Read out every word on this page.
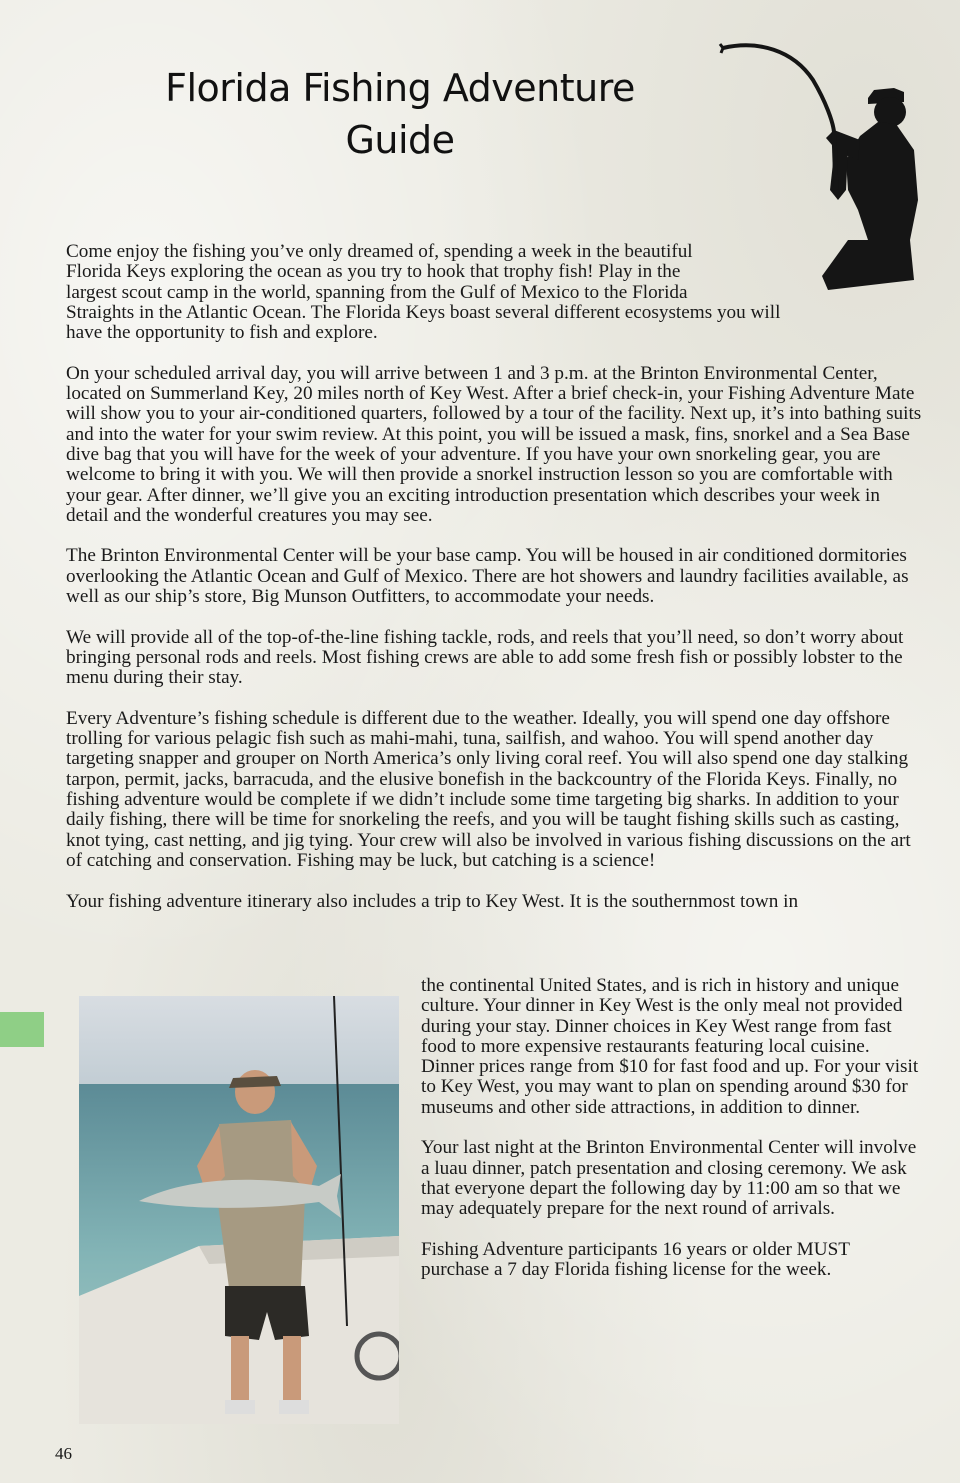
Florida Fishing Adventure Guide

Come enjoy the fishing you’ve only dreamed of, spending a week in the beautiful
Florida Keys exploring the ocean as you try to hook that trophy fish! Play in the
largest scout camp in the world, spanning from the Gulf of Mexico to the Florida
Straights in the Atlantic Ocean. The Florida Keys boast several different ecosystems you will
have the opportunity to fish and explore.

On your scheduled arrival day, you will arrive between 1 and 3 p.m. at the Brinton Environmental Center, located on Summerland Key, 20 miles north of Key West. After a brief check-in, your Fishing Adventure Mate will show you to your air-conditioned quarters, followed by a tour of the facility. Next up, it’s into bathing suits and into the water for your swim review. At this point, you will be issued a mask, fins, snorkel and a Sea Base dive bag that you will have for the week of your adventure. If you have your own snorkeling gear, you are welcome to bring it with you. We will then provide a snorkel instruction lesson so you are comfortable with your gear. After dinner, we’ll give you an exciting introduction presentation which describes your week in detail and the wonderful creatures you may see.

The Brinton Environmental Center will be your base camp. You will be housed in air conditioned dormitories overlooking the Atlantic Ocean and Gulf of Mexico. There are hot showers and laundry facilities available, as well as our ship’s store, Big Munson Outfitters, to accommodate your needs.

We will provide all of the top-of-the-line fishing tackle, rods, and reels that you’ll need, so don’t worry about bringing personal rods and reels. Most fishing crews are able to add some fresh fish or possibly lobster to the menu during their stay.

Every Adventure’s fishing schedule is different due to the weather. Ideally, you will spend one day offshore trolling for various pelagic fish such as mahi-mahi, tuna, sailfish, and wahoo. You will spend another day targeting snapper and grouper on North America’s only living coral reef. You will also spend one day stalking tarpon, permit, jacks, barracuda, and the elusive bonefish in the backcountry of the Florida Keys. Finally, no fishing adventure would be complete if we didn’t include some time targeting big sharks. In addition to your daily fishing, there will be time for snorkeling the reefs, and you will be taught fishing skills such as casting, knot tying, cast netting, and jig tying. Your crew will also be involved in various fishing discussions on the art of catching and conservation. Fishing may be luck, but catching is a science!

Your fishing adventure itinerary also includes a trip to Key West. It is the southernmost town in

the continental United States, and is rich in history and unique culture. Your dinner in Key West is the only meal not provided during your stay. Dinner choices in Key West range from fast food to more expensive restaurants featuring local cuisine. Dinner prices range from $10 for fast food and up. For your visit to Key West, you may want to plan on spending around $30 for museums and other side attractions, in addition to dinner.

Your last night at the Brinton Environmental Center will involve a luau dinner, patch presentation and closing ceremony. We ask that everyone depart the following day by 11:00 am so that we may adequately prepare for the next round of arrivals.

Fishing Adventure participants 16 years or older MUST purchase a 7 day Florida fishing license for the week.

46
